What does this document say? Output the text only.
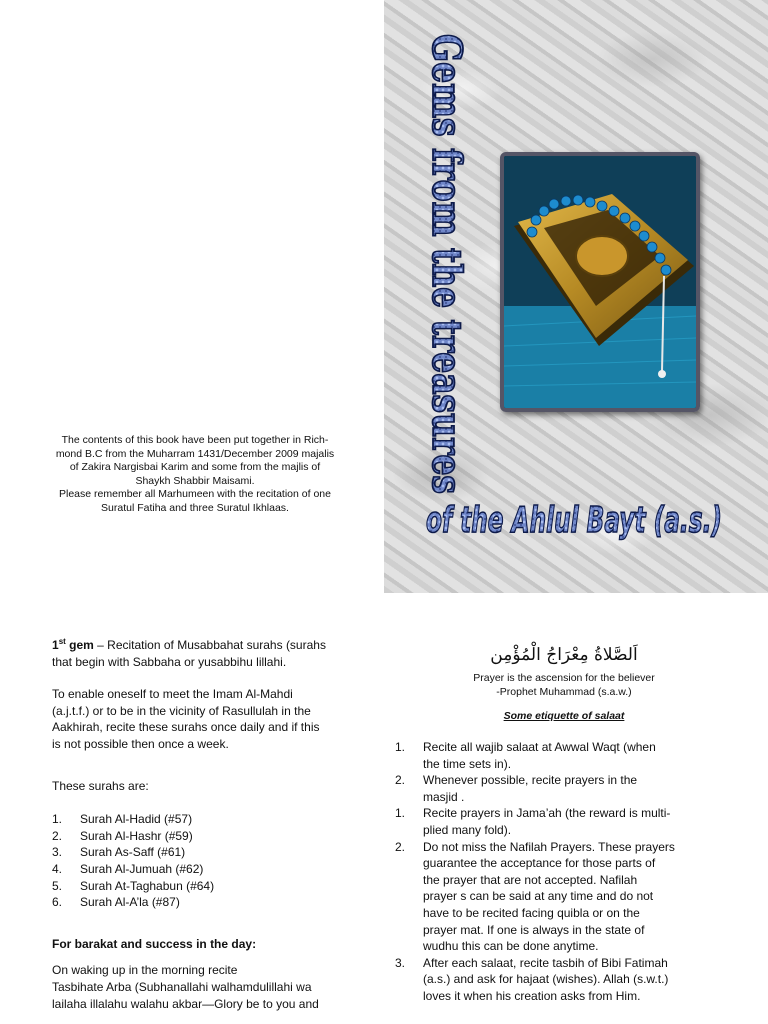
The contents of this book have been put together in Rich-
mond B.C from the Muharram 1431/December 2009 majalis
of Zakira Nargisbai Karim and some from the majlis of
Shaykh Shabbir Maisami.
Please remember all Marhumeen with the recitation of one
Suratul Fatiha and three Suratul Ikhlaas.	Gems from the treasures
of the Ahlul Bayt (a.s.)

1st gem – Recitation of Musabbahat surahs (surahs

that begin with Sabbaha or yusabbihu lillahi.

To enable oneself to meet the Imam Al-Mahdi
(a.j.t.f.) or to be in the vicinity of Rasullulah in the
Aakhirah, recite these surahs once daily and if this
is not possible then once a week.

These surahs are:

1.	Surah Al-Hadid (#57)
2.	Surah Al-Hashr (#59)
3.	Surah As-Saff (#61)
4.	Surah Al-Jumuah (#62)
5.	Surah At-Taghabun (#64)
6.	Surah Al-A’la (#87)

For barakat and success in the day:

On waking up in the morning recite
Tasbihate Arba (Subhanallahi walhamdulillahi wa
lailaha illalahu walahu akbar—Glory be to you and
اَلصَّلاةُ مِعْرَاجُ الْمُؤْمِن
Prayer is the ascension for the believer
-Prophet Muhammad (s.a.w.)
Some etiquette of salaat
1.	Recite all wajib salaat at Awwal Waqt (when
the time sets in).
2.	Whenever possible, recite prayers in the
masjid .
1.	Recite prayers in Jama’ah (the reward is multi-
plied many fold).
2.	Do not miss the Nafilah Prayers. These prayers
guarantee the acceptance for those parts of
the prayer that are not accepted. Nafilah
prayer s can be said at any time and do not
have to be recited facing quibla or on the
prayer mat. If one is always in the state of
wudhu this can be done anytime.
3.	After each salaat, recite tasbih of Bibi Fatimah
(a.s.) and ask for hajaat (wishes). Allah (s.w.t.)
loves it when his creation asks from Him.
